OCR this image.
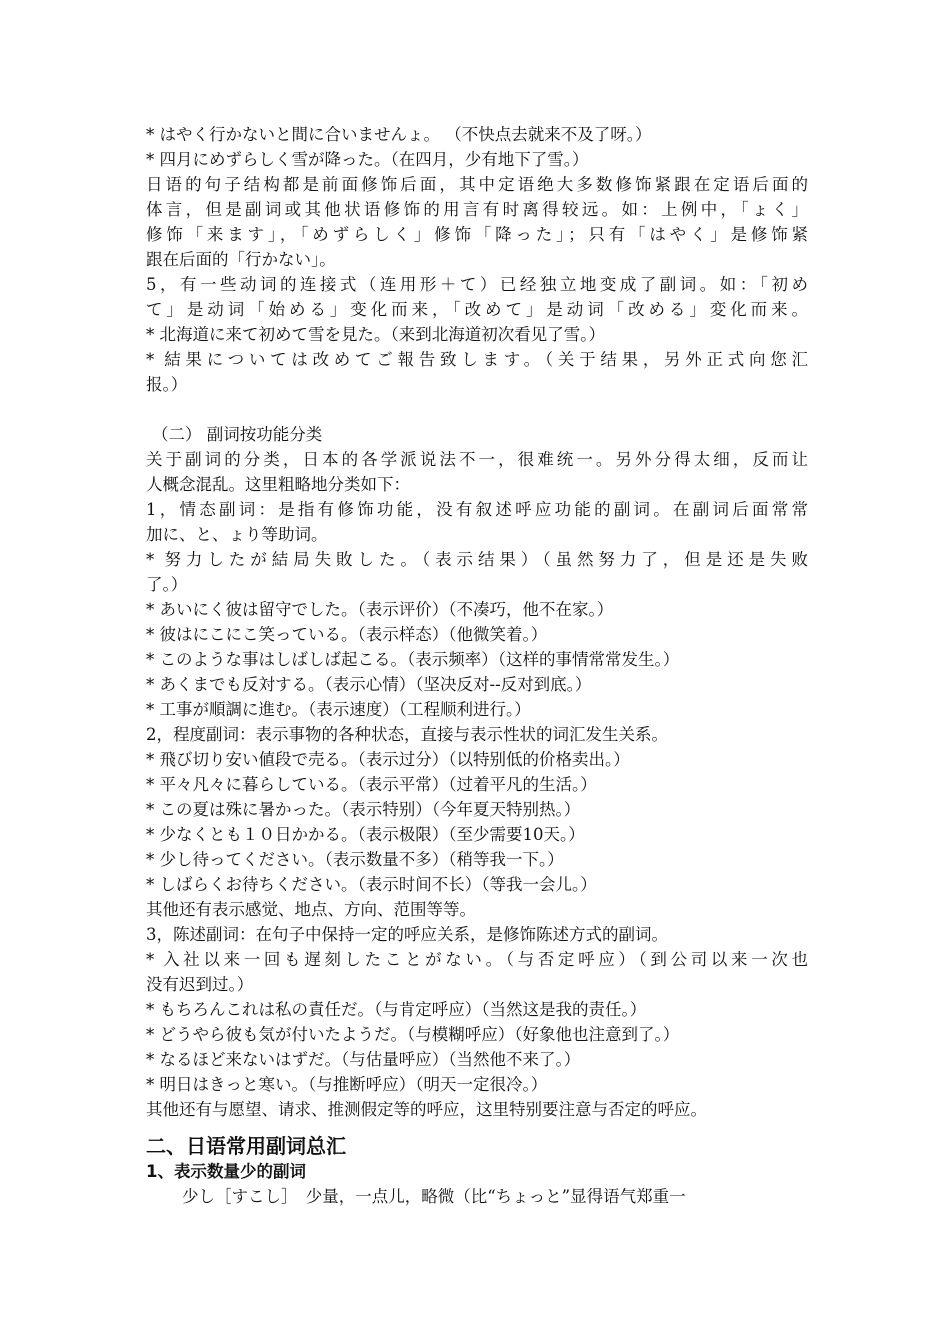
* はやく行かないと間に合いませんょ。 （不快点去就来不及了呀。）
* 四月にめずらしく雪が降った。（在四月，少有地下了雪。）
日语的句子结构都是前面修饰后面，其中定语绝大多数修饰紧跟在定语后面的
体言，但是副词或其他状语修饰的用言有时离得较远。如：上例中，「ょく」
修饰「来ます」，「めずらしく」修饰「降った」；只有「はやく」是修饰紧
跟在后面的「行かない」。
5，有一些动词的连接式（连用形＋て）已经独立地变成了副词。如：「初め
て」是动词「始める」变化而来，「改めて」是动词「改める」変化而来。
* 北海道に来て初めて雪を見た。（来到北海道初次看见了雪。）
* 結果については改めてご報告致します。（关于结果，另外正式向您汇
报。）
（二） 副词按功能分类
关于副词的分类，日本的各学派说法不一，很难统一。另外分得太细，反而让
人概念混乱。这里粗略地分类如下：
1，情态副词：是指有修饰功能，没有叙述呼应功能的副词。在副词后面常常
加に、と、ょり等助词。
* 努力したが結局失敗した。（表示结果）（虽然努力了，但是还是失败
了。）
* あいにく彼は留守でした。（表示评价）（不凑巧，他不在家。）
* 彼はにこにこ笑っている。（表示样态）（他微笑着。）
* このような事はしばしば起こる。（表示频率）（这样的事情常常发生。）
* あくまでも反対する。（表示心情）（坚决反对--反对到底。）
* 工事が順調に進む。（表示速度）（工程顺利进行。）
2，程度副词：表示事物的各种状态，直接与表示性状的词汇发生关系。
* 飛び切り安い値段で売る。（表示过分）（以特别低的价格卖出。）
* 平々凡々に暮らしている。（表示平常）（过着平凡的生活。）
* この夏は殊に暑かった。（表示特别）（今年夏天特别热。）
* 少なくとも１０日かかる。（表示极限）（至少需要10天。）
* 少し待ってください。（表示数量不多）（稍等我一下。）
* しばらくお待ちください。（表示时间不长）（等我一会儿。）
其他还有表示感觉、地点、方向、范围等等。
3，陈述副词：在句子中保持一定的呼应关系，是修饰陈述方式的副词。
* 入社以来一回も遅刻したことがない。（与否定呼应）（到公司以来一次也
没有迟到过。）
* もちろんこれは私の責任だ。（与肯定呼应）（当然这是我的责任。）
* どうやら彼も気が付いたようだ。（与模糊呼应）（好象他也注意到了。）
* なるほど来ないはずだ。（与估量呼应）（当然他不来了。）
* 明日はきっと寒い。（与推断呼应）（明天一定很冷。）
其他还有与愿望、请求、推测假定等的呼应，这里特别要注意与否定的呼应。
二、日语常用副词总汇
1、表示数量少的副词
少し［すこし］　少量，一点儿，略微（比“ちょっと”显得语气郑重一
